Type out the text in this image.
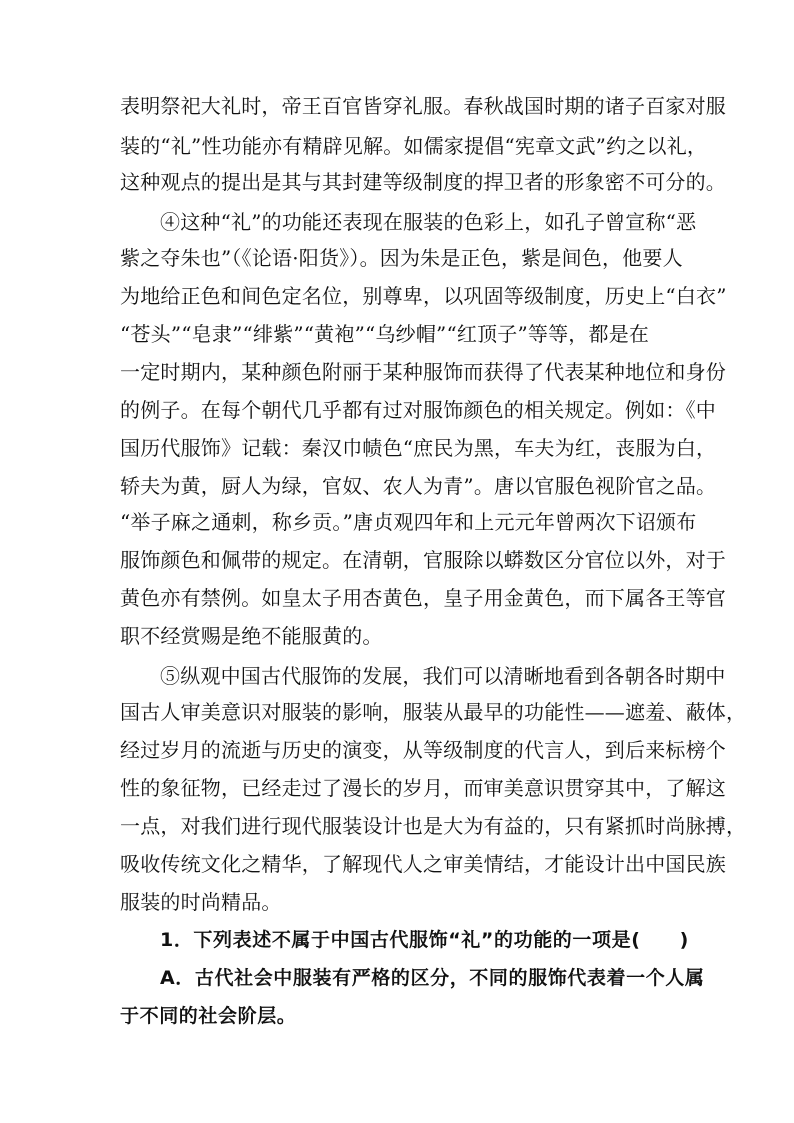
表明祭祀大礼时，帝王百官皆穿礼服。春秋战国时期的诸子百家对服
装的“礼”性功能亦有精辟见解。如儒家提倡“宪章文武”约之以礼，
这种观点的提出是其与其封建等级制度的捍卫者的形象密不可分的。
④这种“礼”的功能还表现在服装的色彩上，如孔子曾宣称“恶
紫之夺朱也”（《论语·阳货》）。因为朱是正色，紫是间色，他要人
为地给正色和间色定名位，别尊卑，以巩固等级制度，历史上“白衣”
“苍头”“皂隶”“绯紫”“黄袍”“乌纱帽”“红顶子”等等，都是在
一定时期内，某种颜色附丽于某种服饰而获得了代表某种地位和身份
的例子。在每个朝代几乎都有过对服饰颜色的相关规定。例如：《中
国历代服饰》记载：秦汉巾帻色“庶民为黑，车夫为红，丧服为白，
轿夫为黄，厨人为绿，官奴、农人为青”。唐以官服色视阶官之品。
“举子麻之通刺，称乡贡。”唐贞观四年和上元元年曾两次下诏颁布
服饰颜色和佩带的规定。在清朝，官服除以蟒数区分官位以外，对于
黄色亦有禁例。如皇太子用杏黄色，皇子用金黄色，而下属各王等官
职不经赏赐是绝不能服黄的。
⑤纵观中国古代服饰的发展，我们可以清晰地看到各朝各时期中
国古人审美意识对服装的影响，服装从最早的功能性——遮羞、蔽体，
经过岁月的流逝与历史的演变，从等级制度的代言人，到后来标榜个
性的象征物，已经走过了漫长的岁月，而审美意识贯穿其中，了解这
一点，对我们进行现代服装设计也是大为有益的，只有紧抓时尚脉搏，
吸收传统文化之精华，了解现代人之审美情结，才能设计出中国民族
服装的时尚精品。
1．下列表述不属于中国古代服饰“礼”的功能的一项是(　　)
A．古代社会中服装有严格的区分，不同的服饰代表着一个人属
于不同的社会阶层。
